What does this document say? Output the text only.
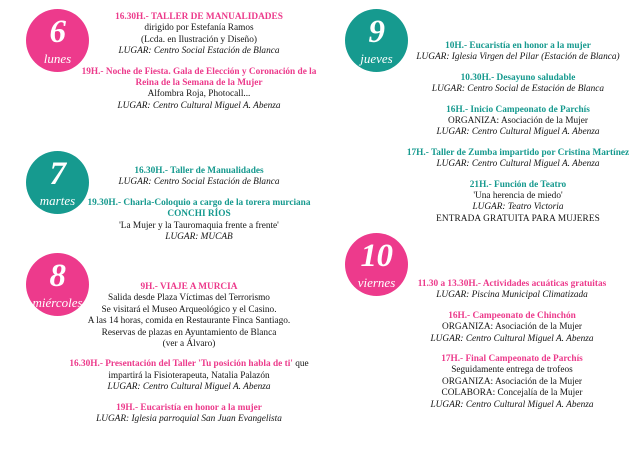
6
lunes
7
martes
8
miércoles
9
jueves
10
viernes

16.30H.- TALLER DE MANUALIDADES

dirigido por Estefanía Ramos

(Lcda. en Ilustración y Diseño)

LUGAR: Centro Social Estación de Blanca

19H.- Noche de Fiesta. Gala de Elección y Coronación de la Reina de la Semana de la Mujer

Alfombra Roja, Photocall...

LUGAR: Centro Cultural Miguel A. Abenza

16.30H.- Taller de Manualidades

LUGAR: Centro Social Estación de Blanca

19.30H.- Charla-Coloquio a cargo de la torera murciana CONCHI RÍOS

'La Mujer y la Tauromaquia frente a frente'

LUGAR: MUCAB

9H.- VIAJE A MURCIA

Salida desde Plaza Víctimas del Terrorismo

Se visitará el Museo Arqueológico y el Casino.

A las 14 horas, comida en Restaurante Finca Santiago.

Reservas de plazas en Ayuntamiento de Blanca

(ver a Álvaro)

16.30H.- Presentación del Taller 'Tu posición habla de ti' que impartirá la Fisioterapeuta, Natalia Palazón

LUGAR: Centro Cultural Miguel A. Abenza

19H.- Eucaristía en honor a la mujer

LUGAR: Iglesia parroquial San Juan Evangelista

10H.- Eucaristía en honor a la mujer

LUGAR: Iglesia Virgen del Pilar (Estación de Blanca)

10.30H.- Desayuno saludable

LUGAR: Centro Social de Estación de Blanca

16H.- Inicio Campeonato de Parchís

ORGANIZA: Asociación de la Mujer

LUGAR: Centro Cultural Miguel A. Abenza

17H.- Taller de Zumba impartido por Cristina Martínez

LUGAR: Centro Cultural Miguel A. Abenza

21H.- Función de Teatro

'Una herencia de miedo'

LUGAR: Teatro Victoria

ENTRADA GRATUITA PARA MUJERES

11.30 a 13.30H.- Actividades acuáticas gratuitas

LUGAR: Piscina Municipal Climatizada

16H.- Campeonato de Chinchón

ORGANIZA: Asociación de la Mujer

LUGAR: Centro Cultural Miguel A. Abenza

17H.- Final Campeonato de Parchís

Seguidamente entrega de trofeos

ORGANIZA: Asociación de la Mujer

COLABORA: Concejalía de la Mujer

LUGAR: Centro Cultural Miguel A. Abenza
